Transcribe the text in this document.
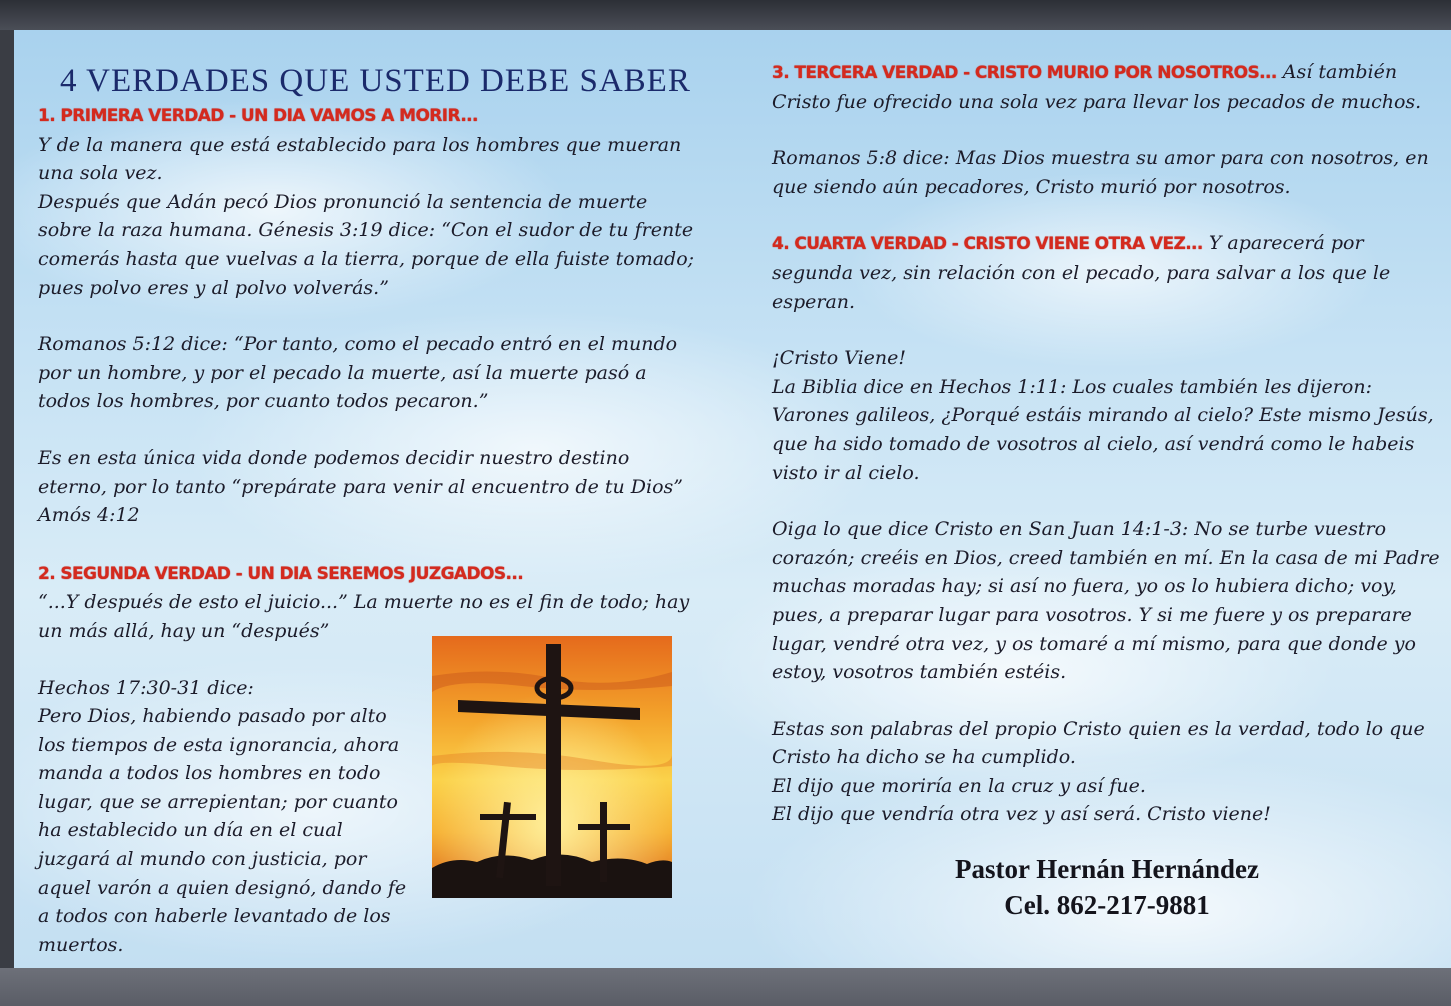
4 VERDADES QUE USTED DEBE SABER
1. PRIMERA VERDAD - UN DIA VAMOS A MORIR...

Y de la manera que está establecido para los hombres que mueran una sola vez.

Después que Adán pecó Dios pronunció la sentencia de muerte sobre la raza humana. Génesis 3:19 dice: “Con el sudor de tu frente comerás hasta que vuelvas a la tierra, porque de ella fuiste tomado; pues polvo eres y al polvo volverás.”

Romanos 5:12 dice: “Por tanto, como el pecado entró en el mundo por un hombre, y por el pecado la muerte, así la muerte pasó a todos los hombres, por cuanto todos pecaron.”

Es en esta única vida donde podemos decidir nuestro destino eterno, por lo tanto “prepárate para venir al encuentro de tu Dios” Amós 4:12

2. SEGUNDA VERDAD - UN DIA SEREMOS JUZGADOS...

“...Y después de esto el juicio...” La muerte no es el fin de todo; hay un más allá, hay un “después”

Hechos 17:30-31 dice:

Pero Dios, habiendo pasado por alto los tiempos de esta ignorancia, ahora manda a todos los hombres en todo lugar, que se arrepientan; por cuanto ha establecido un día en el cual juzgará al mundo con justicia, por aquel varón a quien designó, dando fe a todos con haberle levantado de los muertos.

3. TERCERA VERDAD - CRISTO MURIO POR NOSOTROS... Así también Cristo fue ofrecido una sola vez para llevar los pecados de muchos.

Romanos 5:8 dice: Mas Dios muestra su amor para con nosotros, en que siendo aún pecadores, Cristo murió por nosotros.

4. CUARTA VERDAD - CRISTO VIENE OTRA VEZ... Y aparecerá por segunda vez, sin relación con el pecado, para salvar a los que le esperan.

¡Cristo Viene!

La Biblia dice en Hechos 1:11: Los cuales también les dijeron: Varones galileos, ¿Porqué estáis mirando al cielo? Este mismo Jesús, que ha sido tomado de vosotros al cielo, así vendrá como le habeis visto ir al cielo.

Oiga lo que dice Cristo en San Juan 14:1-3: No se turbe vuestro corazón; creéis en Dios, creed también en mí. En la casa de mi Padre muchas moradas hay; si así no fuera, yo os lo hubiera dicho; voy, pues, a preparar lugar para vosotros. Y si me fuere y os preparare lugar, vendré otra vez, y os tomaré a mí mismo, para que donde yo estoy, vosotros también estéis.

Estas son palabras del propio Cristo quien es la verdad, todo lo que Cristo ha dicho se ha cumplido.

El dijo que moriría en la cruz y así fue.

El dijo que vendría otra vez y así será. Cristo viene!

Pastor Hernán Hernández
Cel. 862-217-9881
